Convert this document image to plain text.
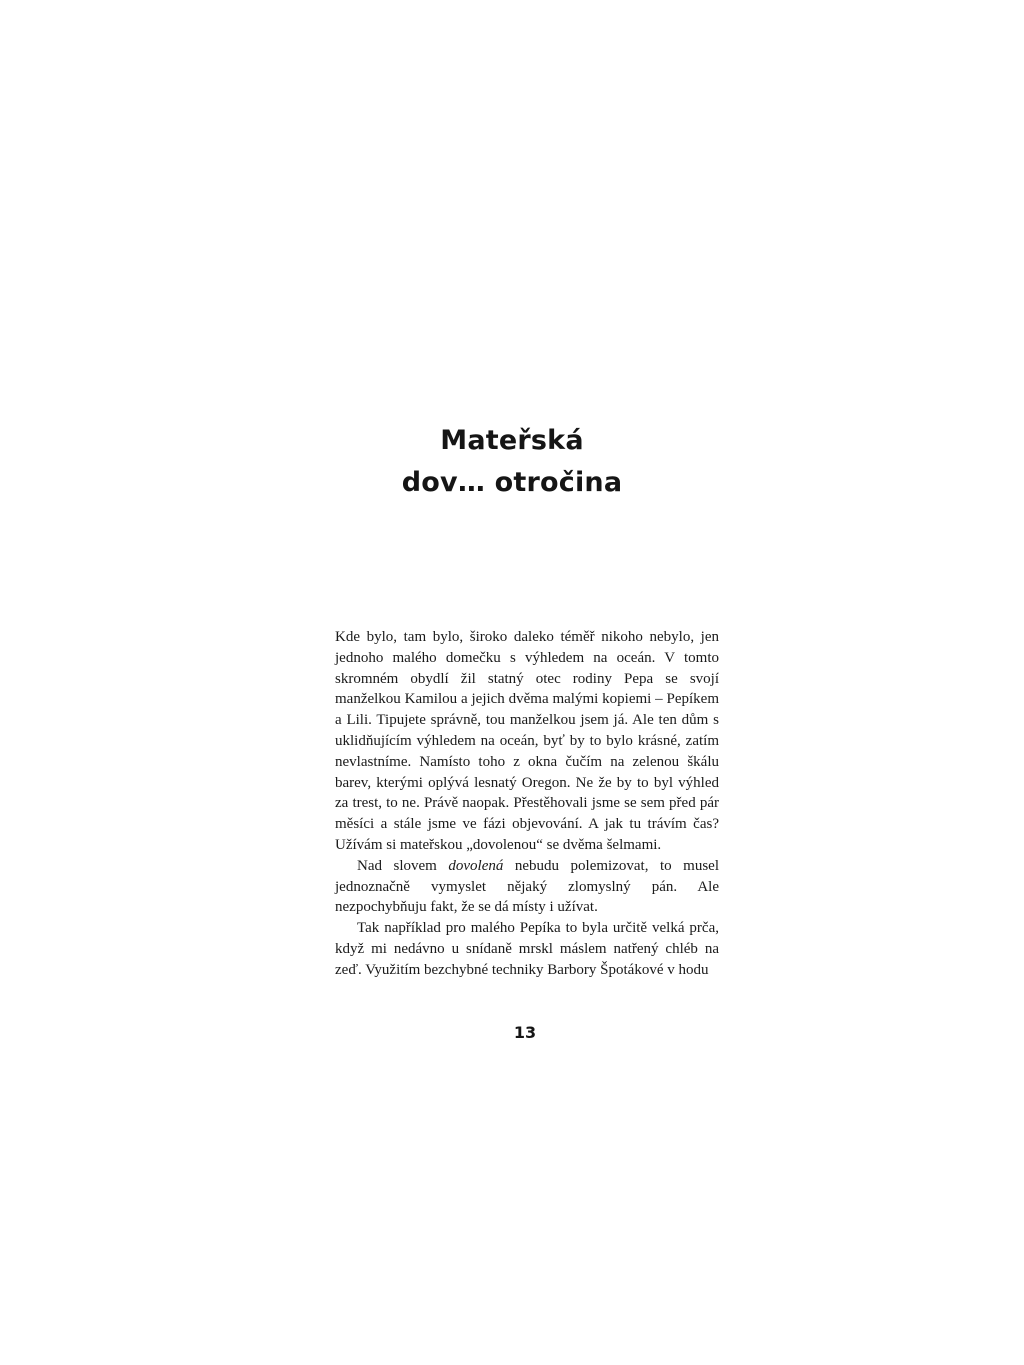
Mateřská
dov… otročina

Kde bylo, tam bylo, široko daleko téměř nikoho nebylo, jen jednoho malého domečku s výhledem na oceán. V tomto skromném obydlí žil statný otec rodiny Pepa se svojí manželkou Kamilou a jejich dvěma malými kopiemi – Pepíkem a Lili. Tipujete správně, tou manželkou jsem já. Ale ten dům s uklidňujícím výhledem na oceán, byť by to bylo krásné, zatím nevlastníme. Namísto toho z okna čučím na zelenou škálu barev, kterými oplývá lesnatý Oregon. Ne že by to byl výhled za trest, to ne. Právě naopak. Přestěhovali jsme se sem před pár měsíci a stále jsme ve fázi objevování. A jak tu trávím čas? Užívám si mateřskou „dovolenou“ se dvěma šelmami.

Nad slovem dovolená nebudu polemizovat, to musel jednoznačně vymyslet nějaký zlomyslný pán. Ale nezpochybňuju fakt, že se dá místy i užívat.

Tak například pro malého Pepíka to byla určitě velká prča, když mi nedávno u snídaně mrskl máslem natřený chléb na zeď. Využitím bezchybné techniky Barbory Špotákové v hodu

13
